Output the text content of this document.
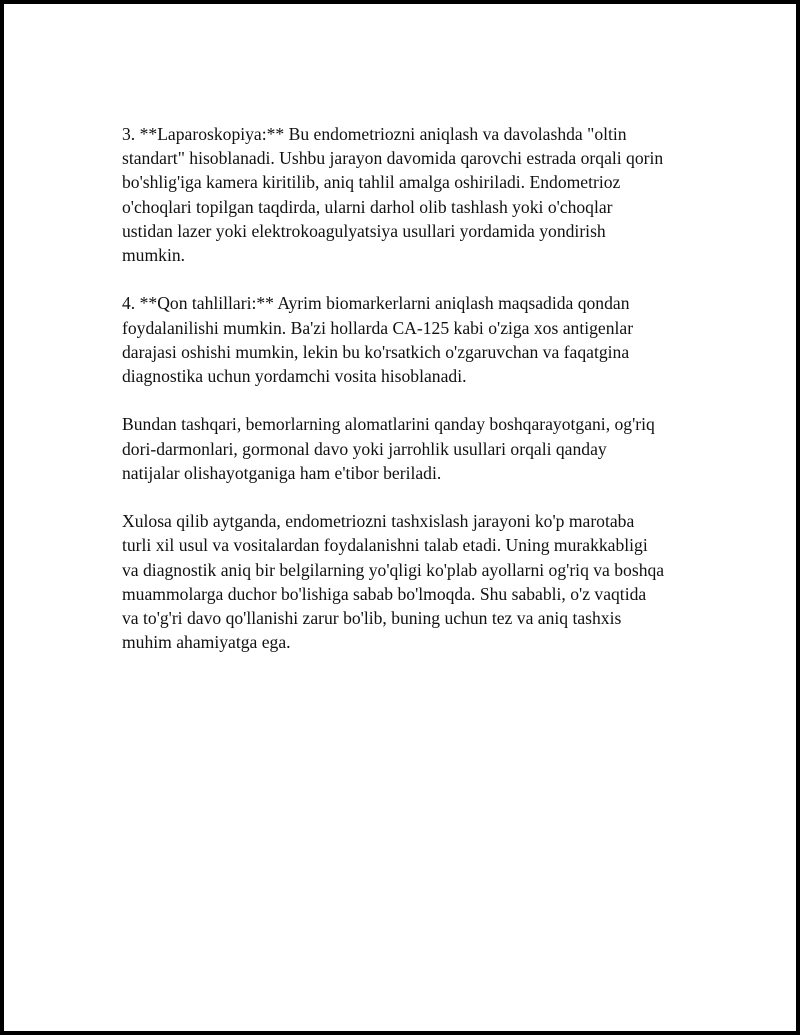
3. **Laparoskopiya:** Bu endometriozni aniqlash va davolashda "oltin
standart" hisoblanadi. Ushbu jarayon davomida qarovchi estrada orqali qorin
bo'shlig'iga kamera kiritilib, aniq tahlil amalga oshiriladi. Endometrioz
o'choqlari topilgan taqdirda, ularni darhol olib tashlash yoki o'choqlar
ustidan lazer yoki elektrokoagulyatsiya usullari yordamida yondirish
mumkin.

4. **Qon tahlillari:** Ayrim biomarkerlarni aniqlash maqsadida qondan
foydalanilishi mumkin. Ba'zi hollarda CA-125 kabi o'ziga xos antigenlar
darajasi oshishi mumkin, lekin bu ko'rsatkich o'zgaruvchan va faqatgina
diagnostika uchun yordamchi vosita hisoblanadi.

Bundan tashqari, bemorlarning alomatlarini qanday boshqarayotgani, og'riq
dori-darmonlari, gormonal davo yoki jarrohlik usullari orqali qanday
natijalar olishayotganiga ham e'tibor beriladi.

Xulosa qilib aytganda, endometriozni tashxislash jarayoni ko'p marotaba
turli xil usul va vositalardan foydalanishni talab etadi. Uning murakkabligi
va diagnostik aniq bir belgilarning yo'qligi ko'plab ayollarni og'riq va boshqa
muammolarga duchor bo'lishiga sabab bo'lmoqda. Shu sababli, o'z vaqtida
va to'g'ri davo qo'llanishi zarur bo'lib, buning uchun tez va aniq tashxis
muhim ahamiyatga ega.
